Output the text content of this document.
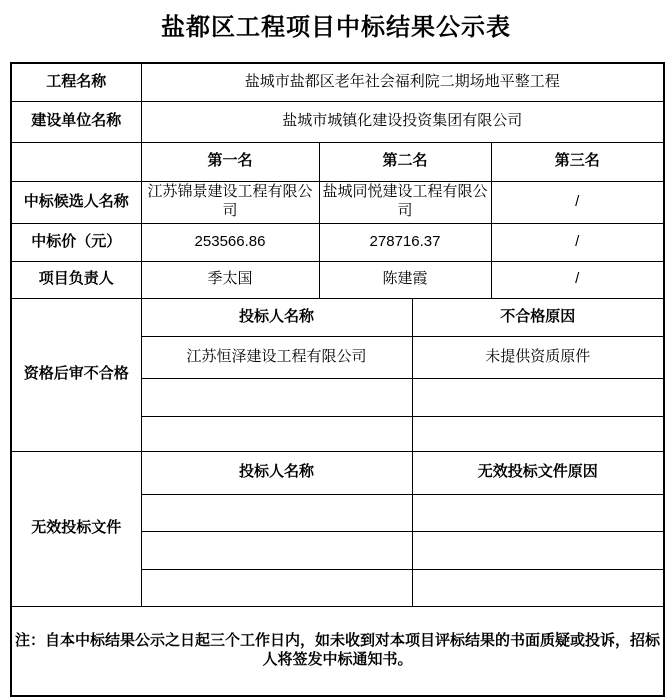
盐都区工程项目中标结果公示表
工程名称	盐城市盐都区老年社会福利院二期场地平整工程			
建设单位名称	盐城市城镇化建设投资集团有限公司			
	第一名	第二名		第三名
中标候选人名称	江苏锦景建设工程有限公司	盐城同悦建设工程有限公司		/
中标价（元）	253566.86	278716.37		/
项目负责人	季太国	陈建霞		/
资格后审不合格	投标人名称		不合格原因	
	江苏恒泽建设工程有限公司		未提供资质原件	

无效投标文件	投标人名称		无效投标文件原因	

注：自本中标结果公示之日起三个工作日内，如未收到对本项目评标结果的书面质疑或投诉，招标人将签发中标通知书。				
